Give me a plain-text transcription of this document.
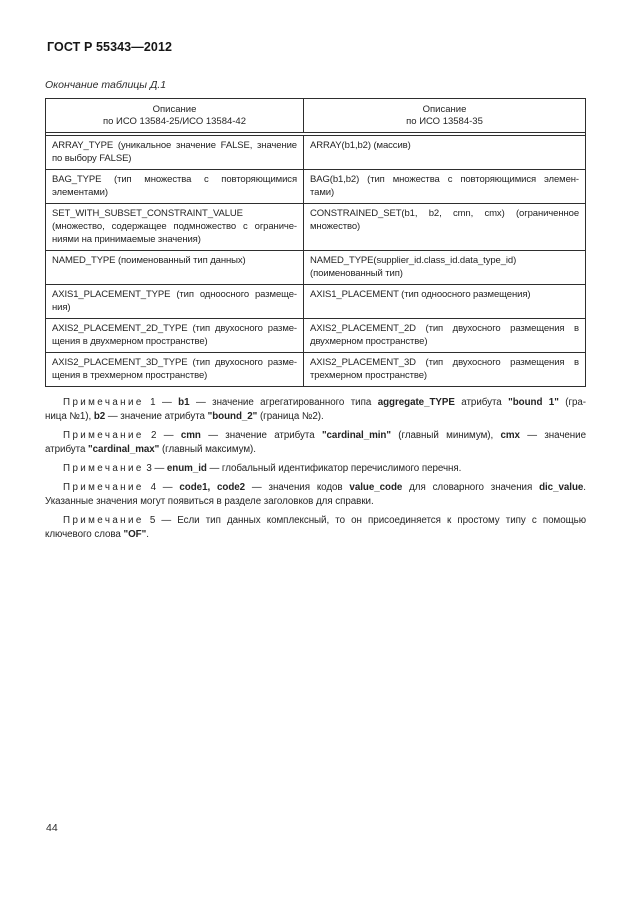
ГОСТ Р 55343—2012
Окончание таблицы Д.1
Описание
по ИСО 13584-25/ИСО 13584-42
Описание
по ИСО 13584-35
ARRAY_TYPE (уникальное значение FALSE, значение
по выбору FALSE)
ARRAY(b1,b2) (массив)
BAG_TYPE (тип множества с повторяющимися
элементами)
BAG(b1,b2) (тип множества с повторяющимися элемен-
тами)
SET_WITH_SUBSET_CONSTRAINT_VALUE
(множество, содержащее подмножество с ограниче-
ниями на принимаемые значения)
CONSTRAINED_SET(b1, b2, cmn, cmx) (ограниченное
множество)
NAMED_TYPE (поименованный тип данных)	NAMED_TYPE(supplier_id.class_id.data_type_id)
(поименованный тип)
AXIS1_PLACEMENT_TYPE (тип одноосного размеще-
ния)
AXIS1_PLACEMENT (тип одноосного размещения)
AXIS2_PLACEMENT_2D_TYPE (тип двухосного разме-
щения в двухмерном пространстве)
AXIS2_PLACEMENT_2D (тип двухосного размещения в
двухмерном пространстве)
AXIS2_PLACEMENT_3D_TYPE (тип двухосного разме-
щения в трехмерном пространстве)
AXIS2_PLACEMENT_3D (тип двухосного размещения в
трехмерном пространстве)
Примечание 1 — b1 — значение агрегатированного типа aggregate_TYPE атрибута "bound 1" (гра-
ница №1), b2 — значение атрибута "bound_2" (граница №2).
Примечание 2 — cmn — значение атрибута "cardinal_min" (главный минимум), cmx — значение
атрибута "cardinal_max" (главный максимум).
Примечание 3 — enum_id — глобальный идентификатор перечислимого перечня.
Примечание 4 — code1, code2 — значения кодов value_code для словарного значения dic_value.
Указанные значения могут появиться в разделе заголовков для справки.
Примечание 5 — Если тип данных комплексный, то он присоединяется к простому типу с помощью
ключевого слова "OF".
44
